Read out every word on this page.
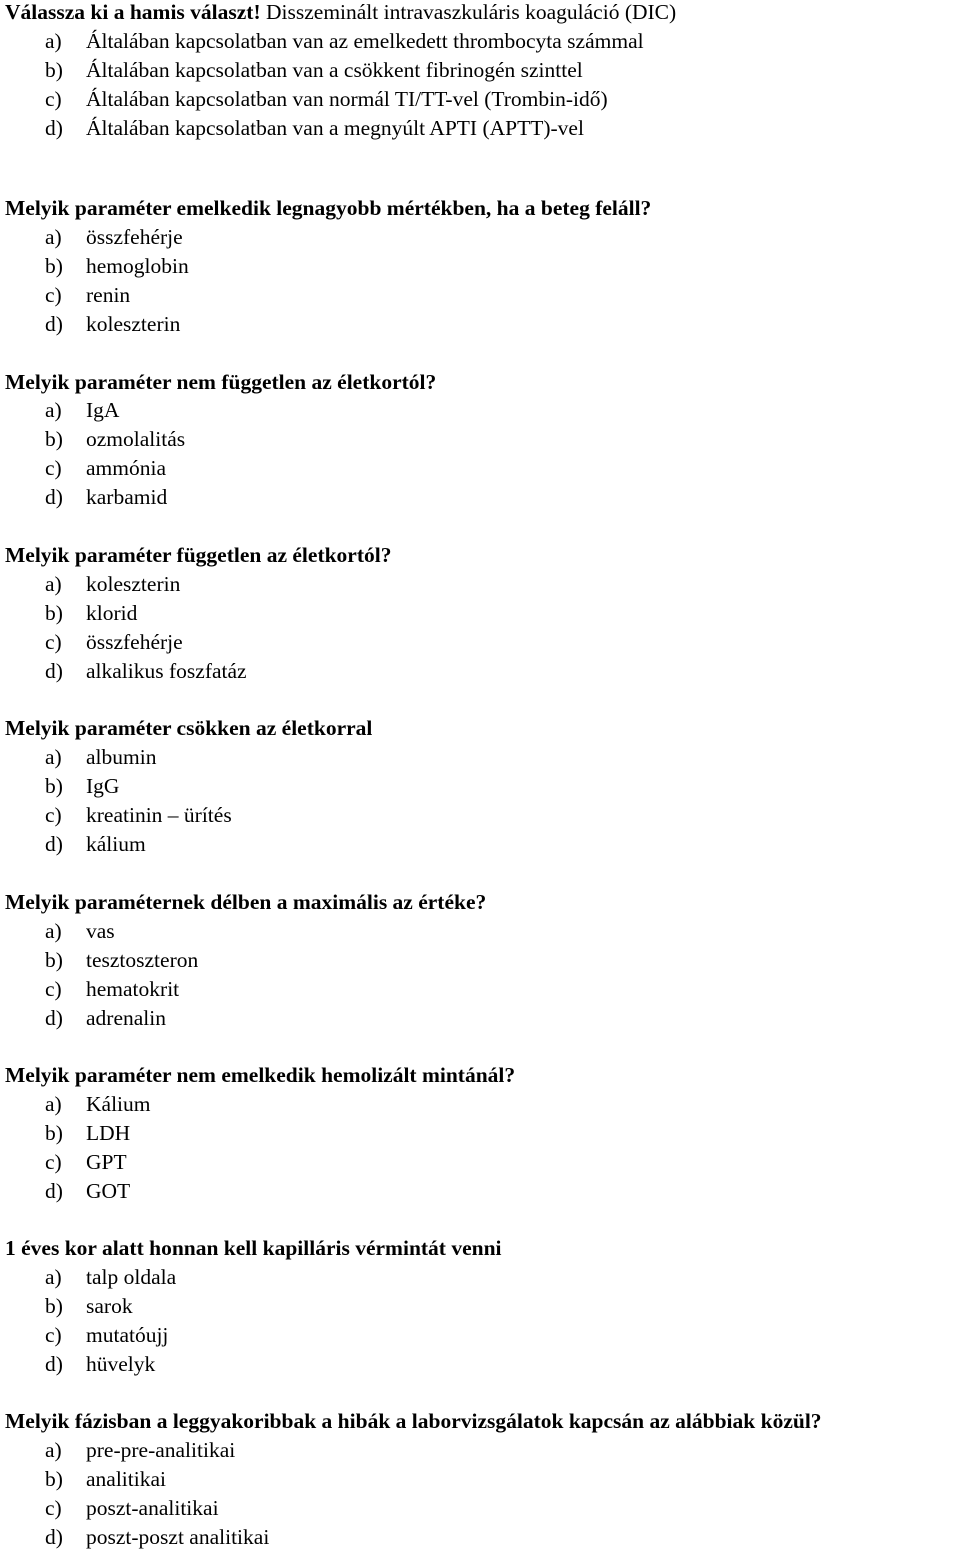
Válassza ki a hamis választ! Disszeminált intravaszkuláris koaguláció (DIC)
a) Általában kapcsolatban van az emelkedett thrombocyta számmal
b) Általában kapcsolatban van a csökkent fibrinogén szinttel
c) Általában kapcsolatban van normál TI/TT-vel (Trombin-idő)
d) Általában kapcsolatban van a megnyúlt APTI (APTT)-vel
Melyik paraméter emelkedik legnagyobb mértékben, ha a beteg feláll?
a) összfehérje
b) hemoglobin
c) renin
d) koleszterin
Melyik paraméter nem független az életkortól?
a) IgA
b) ozmolalitás
c) ammónia
d) karbamid
Melyik paraméter független az életkortól?
a) koleszterin
b) klorid
c) összfehérje
d) alkalikus foszfatáz
Melyik paraméter csökken az életkorral
a) albumin
b) IgG
c) kreatinin – ürítés
d) kálium
Melyik paraméternek délben a maximális az értéke?
a) vas
b) tesztoszteron
c) hematokrit
d) adrenalin
Melyik paraméter nem emelkedik hemolizált mintánál?
a) Kálium
b) LDH
c) GPT
d) GOT
1 éves kor alatt honnan kell kapilláris vérmintát venni
a) talp oldala
b) sarok
c) mutatóujj
d) hüvelyk
Melyik fázisban a leggyakoribbak a hibák a laborvizsgálatok kapcsán az alábbiak közül?
a) pre-pre-analitikai
b) analitikai
c) poszt-analitikai
d) poszt-poszt analitikai
